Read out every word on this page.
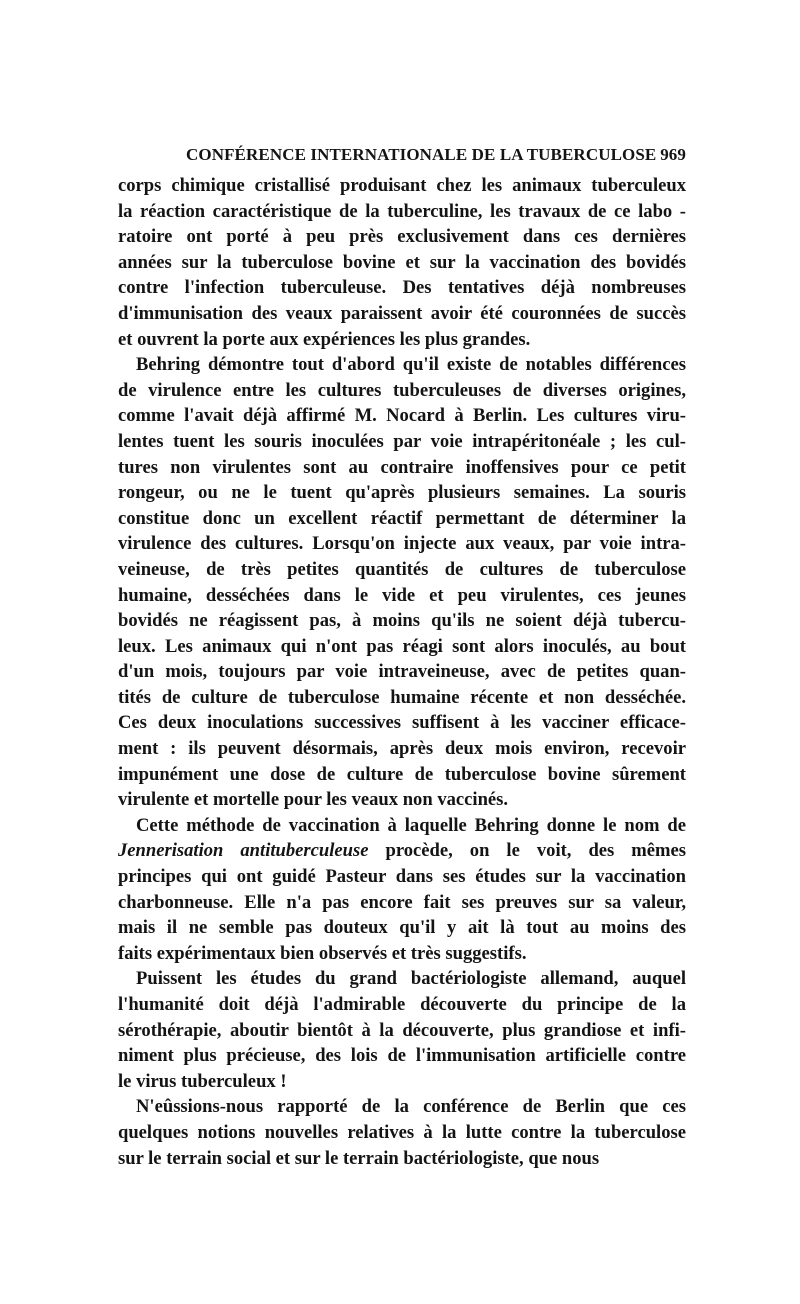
CONFÉRENCE INTERNATIONALE DE LA TUBERCULOSE 969
corps chimique cristallisé produisant chez les animaux tuberculeux
la réaction caractéristique de la tuberculine, les travaux de ce labo -
ratoire ont porté à peu près exclusivement dans ces dernières
années sur la tuberculose bovine et sur la vaccination des bovidés
contre l'infection tuberculeuse. Des tentatives déjà nombreuses
d'immunisation des veaux paraissent avoir été couronnées de succès
et ouvrent la porte aux expériences les plus grandes.
Behring démontre tout d'abord qu'il existe de notables différences
de virulence entre les cultures tuberculeuses de diverses origines,
comme l'avait déjà affirmé M. Nocard à Berlin. Les cultures viru-
lentes tuent les souris inoculées par voie intrapéritonéale ; les cul-
tures non virulentes sont au contraire inoffensives pour ce petit
rongeur, ou ne le tuent qu'après plusieurs semaines. La souris
constitue donc un excellent réactif permettant de déterminer la
virulence des cultures. Lorsqu'on injecte aux veaux, par voie intra-
veineuse, de très petites quantités de cultures de tuberculose
humaine, desséchées dans le vide et peu virulentes, ces jeunes
bovidés ne réagissent pas, à moins qu'ils ne soient déjà tubercu-
leux. Les animaux qui n'ont pas réagi sont alors inoculés, au bout
d'un mois, toujours par voie intraveineuse, avec de petites quan-
tités de culture de tuberculose humaine récente et non desséchée.
Ces deux inoculations successives suffisent à les vacciner efficace-
ment : ils peuvent désormais, après deux mois environ, recevoir
impunément une dose de culture de tuberculose bovine sûrement
virulente et mortelle pour les veaux non vaccinés.
Cette méthode de vaccination à laquelle Behring donne le nom de
Jennerisation antituberculeuse procède, on le voit, des mêmes
principes qui ont guidé Pasteur dans ses études sur la vaccination
charbonneuse. Elle n'a pas encore fait ses preuves sur sa valeur,
mais il ne semble pas douteux qu'il y ait là tout au moins des
faits expérimentaux bien observés et très suggestifs.
Puissent les études du grand bactériologiste allemand, auquel
l'humanité doit déjà l'admirable découverte du principe de la
sérothérapie, aboutir bientôt à la découverte, plus grandiose et infi-
niment plus précieuse, des lois de l'immunisation artificielle contre
le virus tuberculeux !
N'eûssions-nous rapporté de la conférence de Berlin que ces
quelques notions nouvelles relatives à la lutte contre la tuberculose
sur le terrain social et sur le terrain bactériologiste, que nous
